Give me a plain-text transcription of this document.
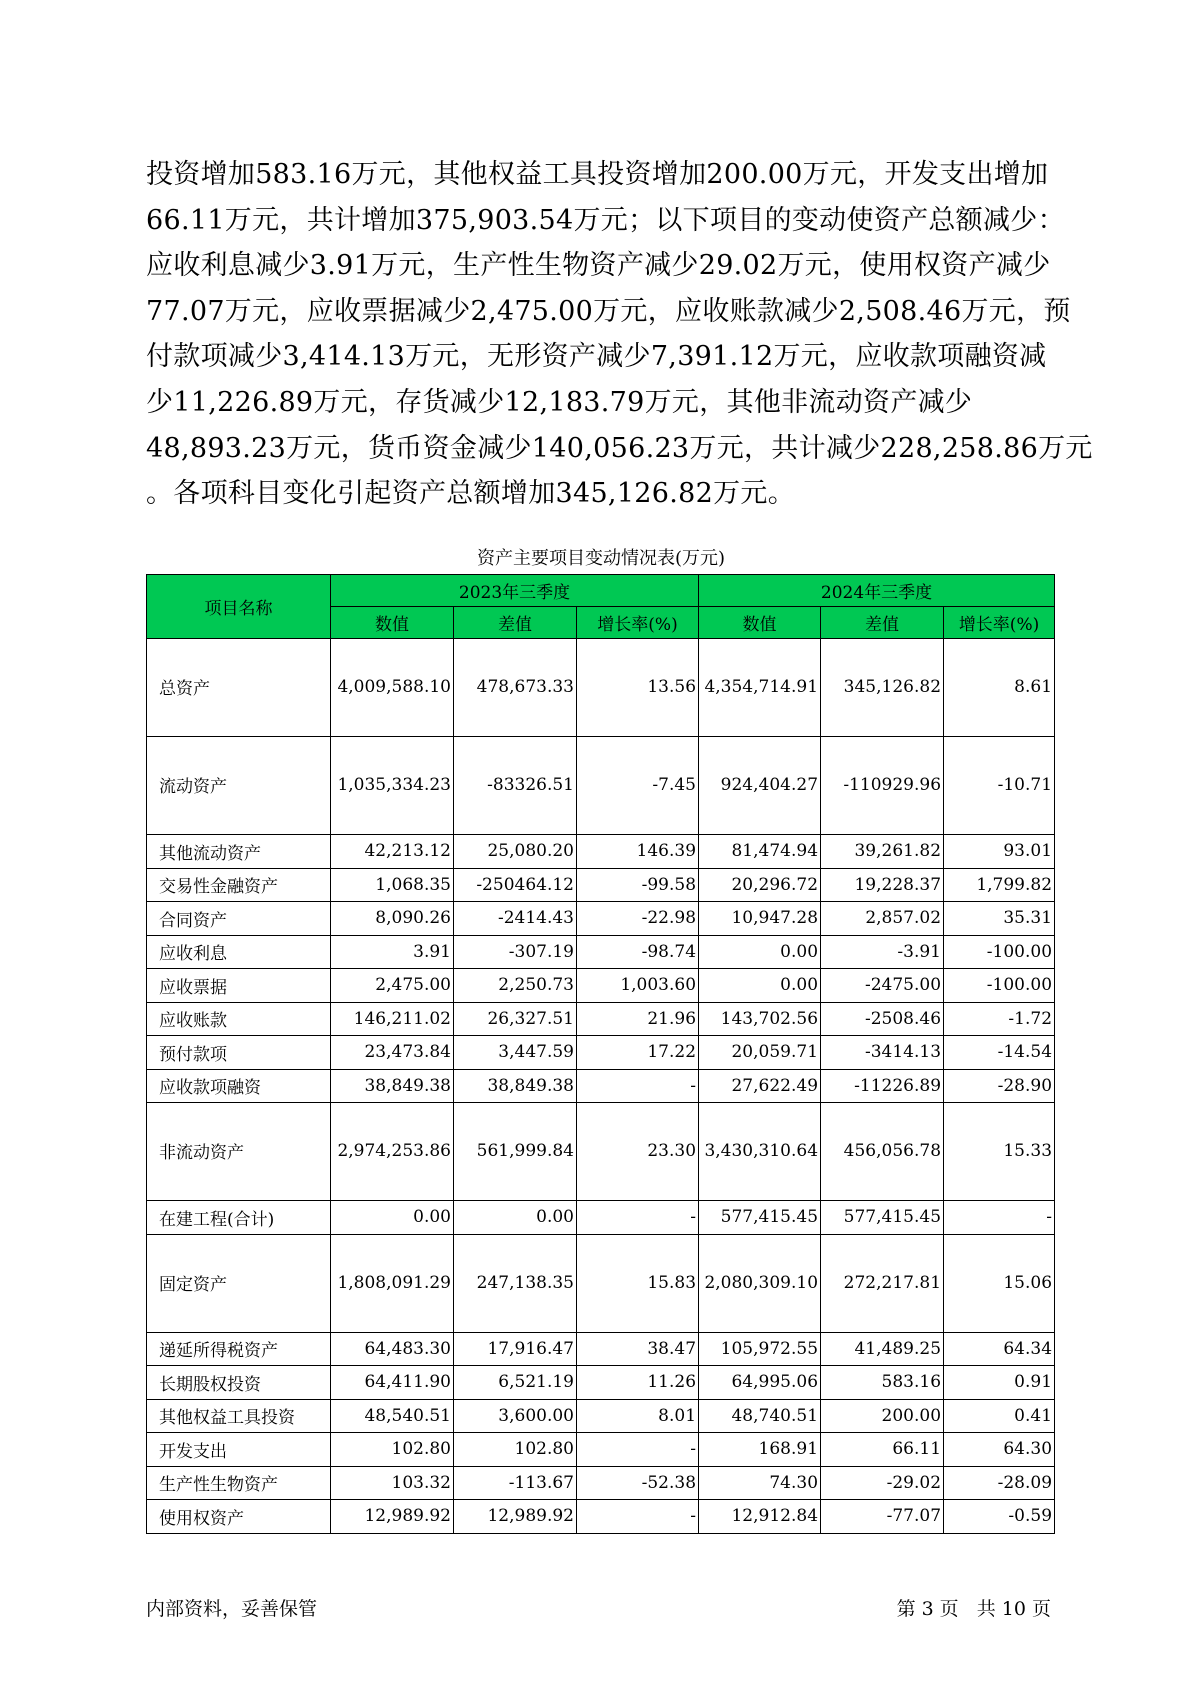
投资增加583.16万元，其他权益工具投资增加200.00万元，开发支出增加
66.11万元，共计增加375,903.54万元；以下项目的变动使资产总额减少：
应收利息减少3.91万元，生产性生物资产减少29.02万元，使用权资产减少
77.07万元，应收票据减少2,475.00万元，应收账款减少2,508.46万元，预
付款项减少3,414.13万元，无形资产减少7,391.12万元，应收款项融资减
少11,226.89万元，存货减少12,183.79万元，其他非流动资产减少
48,893.23万元，货币资金减少140,056.23万元，共计减少228,258.86万元
。各项科目变化引起资产总额增加345,126.82万元。
资产主要项目变动情况表(万元)
项目名称	2023年三季度			2024年三季度		
	数值	差值	增长率(%)	数值	差值	增长率(%)
总资产	4,009,588.10	478,673.33	13.56	4,354,714.91	345,126.82	8.61
流动资产	1,035,334.23	-83326.51	-7.45	924,404.27	-110929.96	-10.71
其他流动资产	42,213.12	25,080.20	146.39	81,474.94	39,261.82	93.01
交易性金融资产	1,068.35	-250464.12	-99.58	20,296.72	19,228.37	1,799.82
合同资产	8,090.26	-2414.43	-22.98	10,947.28	2,857.02	35.31
应收利息	3.91	-307.19	-98.74	0.00	-3.91	-100.00
应收票据	2,475.00	2,250.73	1,003.60	0.00	-2475.00	-100.00
应收账款	146,211.02	26,327.51	21.96	143,702.56	-2508.46	-1.72
预付款项	23,473.84	3,447.59	17.22	20,059.71	-3414.13	-14.54
应收款项融资	38,849.38	38,849.38	-	27,622.49	-11226.89	-28.90
非流动资产	2,974,253.86	561,999.84	23.30	3,430,310.64	456,056.78	15.33
在建工程(合计)	0.00	0.00	-	577,415.45	577,415.45	-
固定资产	1,808,091.29	247,138.35	15.83	2,080,309.10	272,217.81	15.06
递延所得税资产	64,483.30	17,916.47	38.47	105,972.55	41,489.25	64.34
长期股权投资	64,411.90	6,521.19	11.26	64,995.06	583.16	0.91
其他权益工具投资	48,540.51	3,600.00	8.01	48,740.51	200.00	0.41
开发支出	102.80	102.80	-	168.91	66.11	64.30
生产性生物资产	103.32	-113.67	-52.38	74.30	-29.02	-28.09
使用权资产	12,989.92	12,989.92	-	12,912.84	-77.07	-0.59
内部资料，妥善保管	第 3 页 共 10 页
